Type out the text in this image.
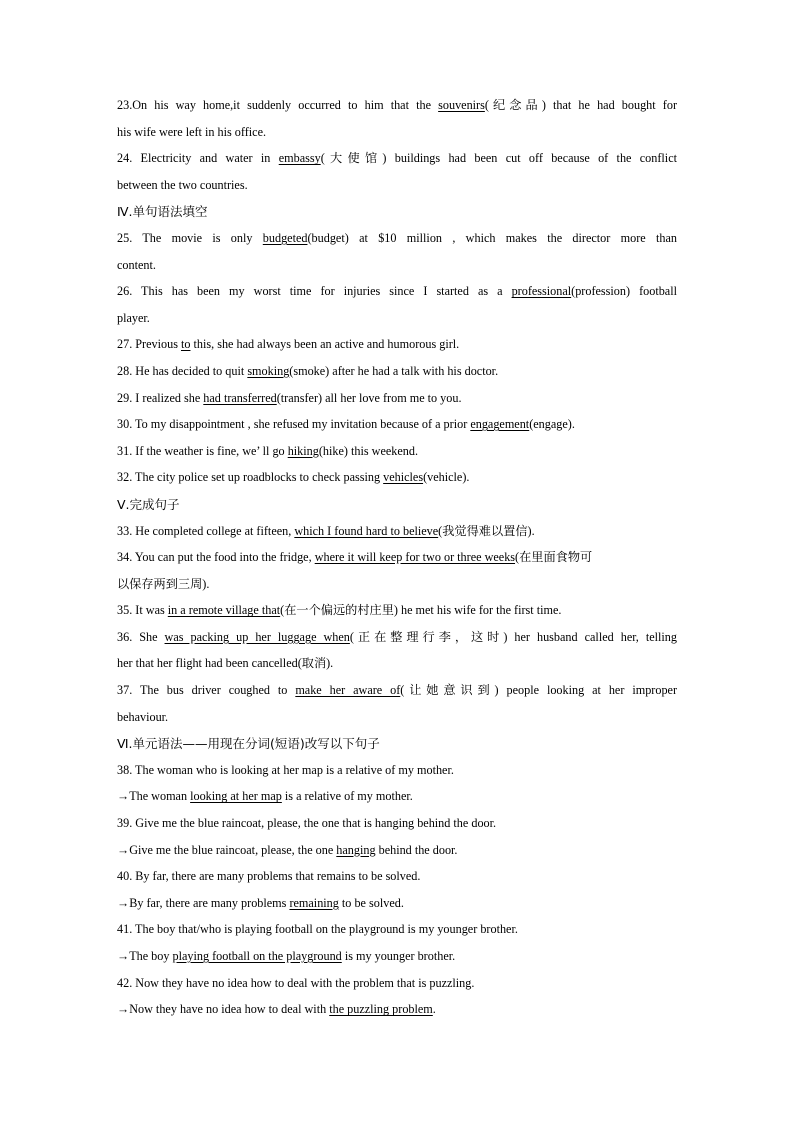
23.On his way home,it suddenly occurred to him that the souvenirs(纪念品) that he had bought for
his wife were left in his office.
24. Electricity and water in embassy(大使馆) buildings had been cut off because of the conflict
between the two countries.
Ⅳ.单句语法填空
25. The movie is only budgeted(budget) at $10 million , which makes the director more than
content.
26. This has been my worst time for injuries since I started as a professional(profession) football
player.
27. Previous to this, she had always been an active and humorous girl.
28. He has decided to quit smoking(smoke) after he had a talk with his doctor.
29. I realized she had transferred(transfer) all her love from me to you.
30. To my disappointment , she refused my invitation because of a prior engagement(engage).
31. If the weather is fine, we’ ll go hiking(hike) this weekend.
32. The city police set up roadblocks to check passing vehicles(vehicle).
Ⅴ.完成句子
33. He completed college at fifteen, which I found hard to believe(我觉得难以置信).
34. You can put the food into the fridge, where it will keep for two or three weeks(在里面食物可
以保存两到三周).
35. It was in a remote village that(在一个偏远的村庄里) he met his wife for the first time.
36. She was packing up her luggage when(正在整理行李，这时) her husband called her, telling
her that her flight had been cancelled(取消).
37. The bus driver coughed to make her aware of(让她意识到) people looking at her improper
behaviour.
Ⅵ.单元语法——用现在分词(短语)改写以下句子
38. The woman who is looking at her map is a relative of my mother.
→The woman looking at her map is a relative of my mother.
39. Give me the blue raincoat, please, the one that is hanging behind the door.
→Give me the blue raincoat, please, the one hanging behind the door.
40. By far, there are many problems that remains to be solved.
→By far, there are many problems remaining to be solved.
41. The boy that/who is playing football on the playground is my younger brother.
→The boy playing football on the playground is my younger brother.
42. Now they have no idea how to deal with the problem that is puzzling.
→Now they have no idea how to deal with the puzzling problem.
